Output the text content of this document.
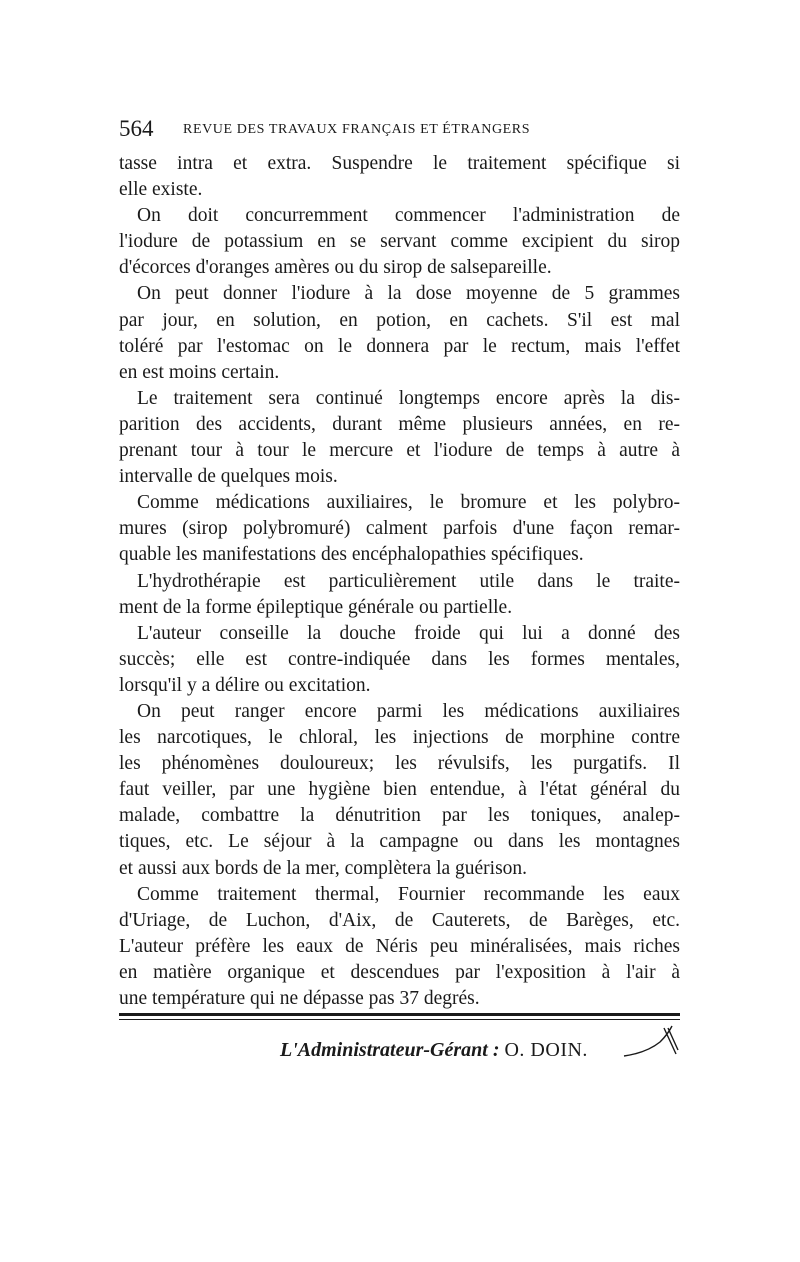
564 REVUE DES TRAVAUX FRANÇAIS ET ÉTRANGERS
tasse intra et extra. Suspendre le traitement spécifique si
elle existe.
On doit concurremment commencer l'administration de
l'iodure de potassium en se servant comme excipient du sirop
d'écorces d'oranges amères ou du sirop de salsepareille.
On peut donner l'iodure à la dose moyenne de 5 grammes
par jour, en solution, en potion, en cachets. S'il est mal
toléré par l'estomac on le donnera par le rectum, mais l'effet
en est moins certain.
Le traitement sera continué longtemps encore après la dis-
parition des accidents, durant même plusieurs années, en re-
prenant tour à tour le mercure et l'iodure de temps à autre à
intervalle de quelques mois.
Comme médications auxiliaires, le bromure et les polybro-
mures (sirop polybromuré) calment parfois d'une façon remar-
quable les manifestations des encéphalopathies spécifiques.
L'hydrothérapie est particulièrement utile dans le traite-
ment de la forme épileptique générale ou partielle.
L'auteur conseille la douche froide qui lui a donné des
succès; elle est contre-indiquée dans les formes mentales,
lorsqu'il y a délire ou excitation.
On peut ranger encore parmi les médications auxiliaires
les narcotiques, le chloral, les injections de morphine contre
les phénomènes douloureux; les révulsifs, les purgatifs. Il
faut veiller, par une hygiène bien entendue, à l'état général du
malade, combattre la dénutrition par les toniques, analep-
tiques, etc. Le séjour à la campagne ou dans les montagnes
et aussi aux bords de la mer, complètera la guérison.
Comme traitement thermal, Fournier recommande les eaux
d'Uriage, de Luchon, d'Aix, de Cauterets, de Barèges, etc.
L'auteur préfère les eaux de Néris peu minéralisées, mais riches
en matière organique et descendues par l'exposition à l'air à
une température qui ne dépasse pas 37 degrés.
L'Administrateur-Gérant : O. DOIN.
